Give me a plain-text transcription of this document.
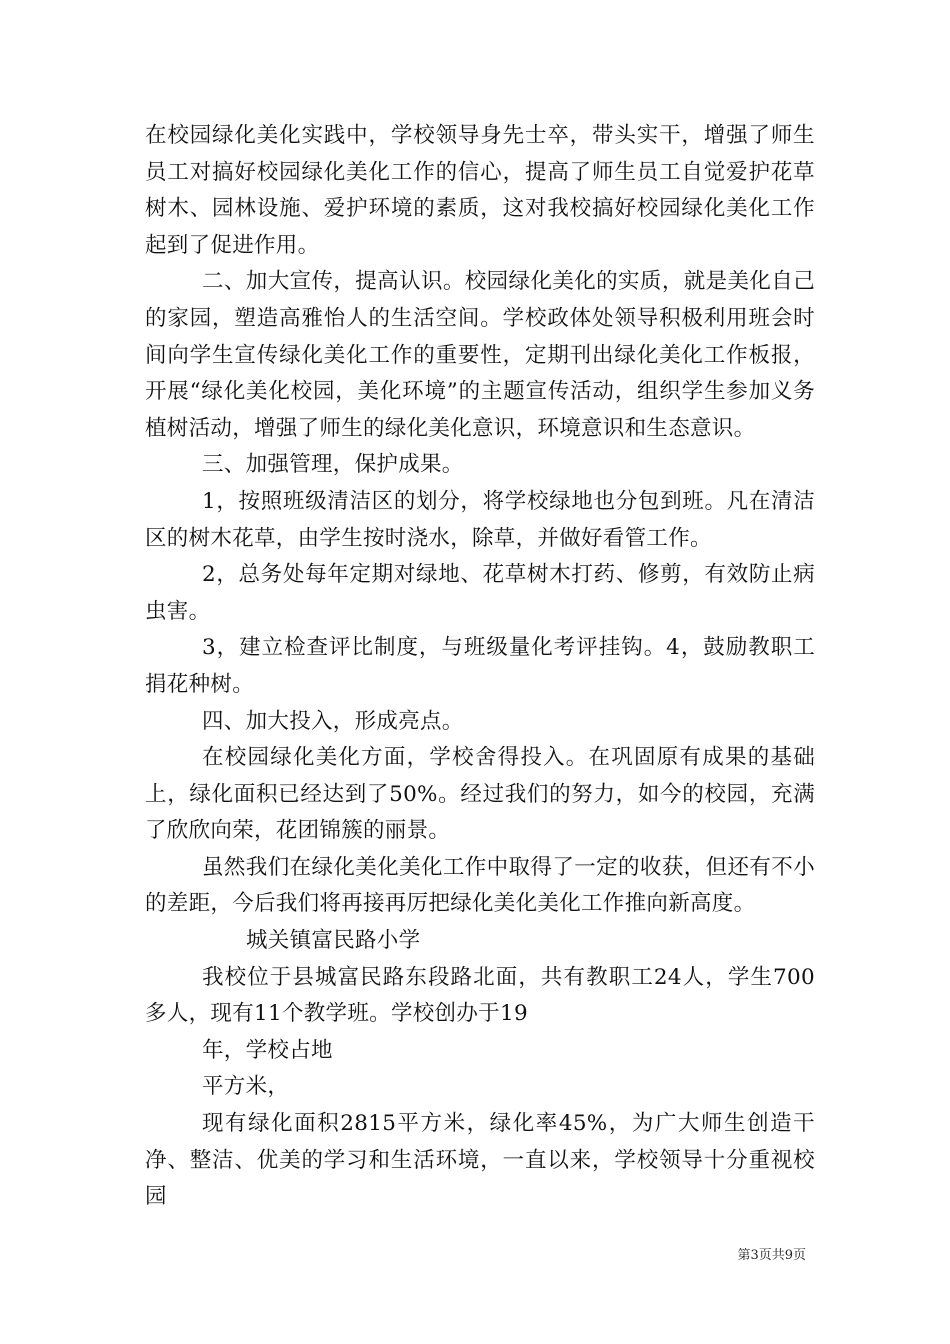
在校园绿化美化实践中，学校领导身先士卒，带头实干，增强了师生员工对搞好校园绿化美化工作的信心，提高了师生员工自觉爱护花草树木、园林设施、爱护环境的素质，这对我校搞好校园绿化美化工作起到了促进作用。

二、加大宣传，提高认识。校园绿化美化的实质，就是美化自己的家园，塑造高雅怡人的生活空间。学校政体处领导积极利用班会时间向学生宣传绿化美化工作的重要性，定期刊出绿化美化工作板报，开展“绿化美化校园，美化环境”的主题宣传活动，组织学生参加义务植树活动，增强了师生的绿化美化意识，环境意识和生态意识。

三、加强管理，保护成果。

1，按照班级清洁区的划分，将学校绿地也分包到班。凡在清洁区的树木花草，由学生按时浇水，除草，并做好看管工作。

2，总务处每年定期对绿地、花草树木打药、修剪，有效防止病虫害。

3，建立检查评比制度，与班级量化考评挂钩。4，鼓励教职工捐花种树。

四、加大投入，形成亮点。

在校园绿化美化方面，学校舍得投入。在巩固原有成果的基础上，绿化面积已经达到了50%。经过我们的努力，如今的校园，充满了欣欣向荣，花团锦簇的丽景。

虽然我们在绿化美化美化工作中取得了一定的收获，但还有不小的差距，今后我们将再接再厉把绿化美化美化工作推向新高度。

城关镇富民路小学

我校位于县城富民路东段路北面，共有教职工24人，学生700多人，现有11个教学班。学校创办于19

年，学校占地

平方米，

现有绿化面积2815平方米，绿化率45%，为广大师生创造干净、整洁、优美的学习和生活环境，一直以来，学校领导十分重视校园

第3页共9页
